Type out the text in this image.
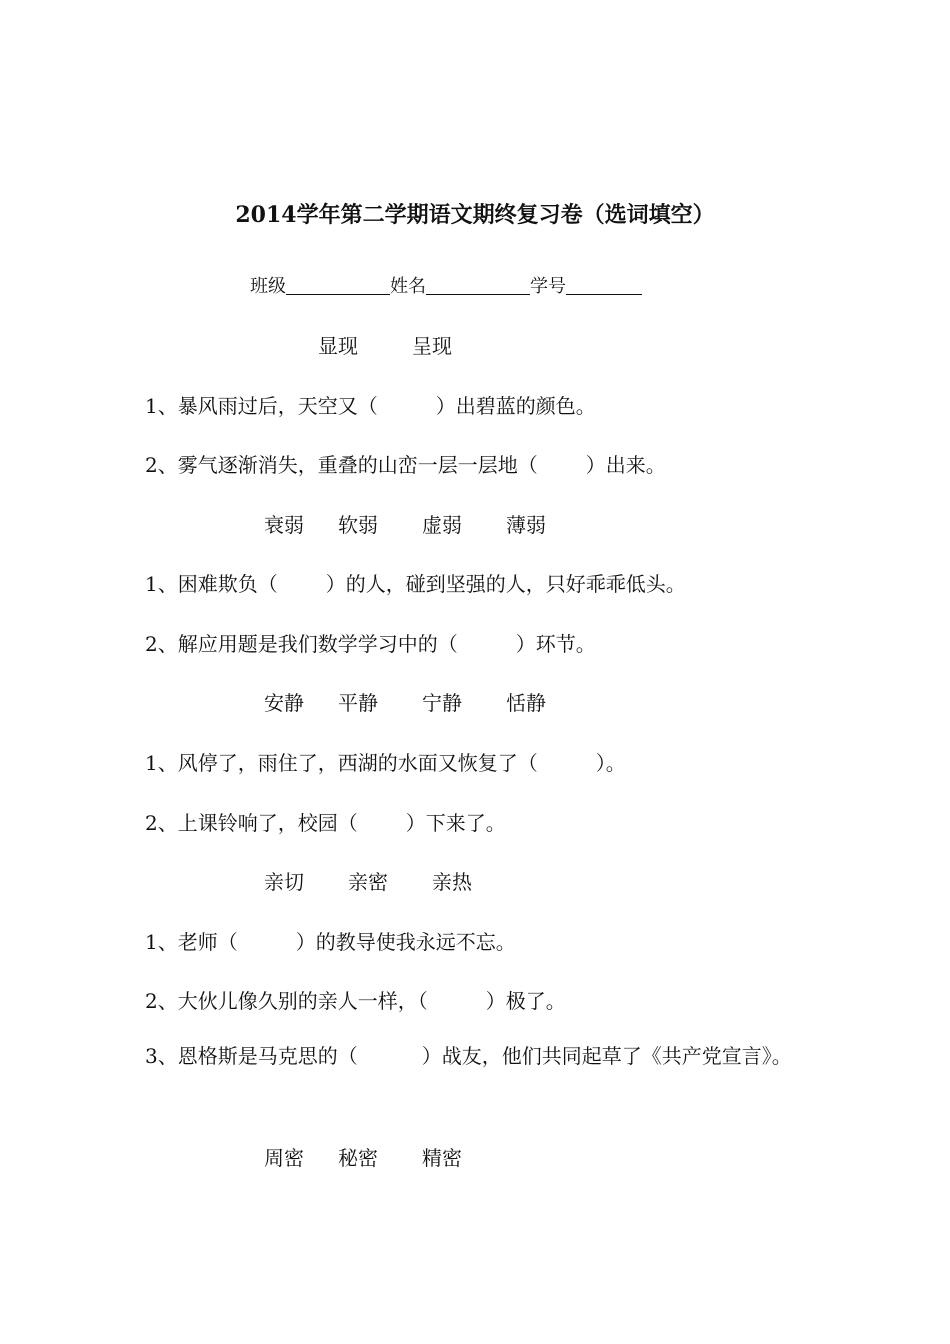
2014学年第二学期语文期终复习卷（选词填空）
班级	姓名	学号
显现	呈现
1、暴风雨过后，天空又（	）出碧蓝的颜色。
2、雾气逐渐消失，重叠的山峦一层一层地（ ）出来。
衰弱 软弱 虚弱 薄弱
1、困难欺负（ ）的人，碰到坚强的人，只好乖乖低头。
2、解应用题是我们数学学习中的（	）环节。
安静 平静 宁静 恬静
1、风停了，雨住了，西湖的水面又恢复了（	）。
2、上课铃响了，校园（ ）下来了。
亲切 亲密 亲热
1、老师（	）的教导使我永远不忘。
2、大伙儿像久别的亲人一样，（	）极了。
3、恩格斯是马克思的（	）战友，他们共同起草了《共产党宣言》。
周密 秘密 精密
